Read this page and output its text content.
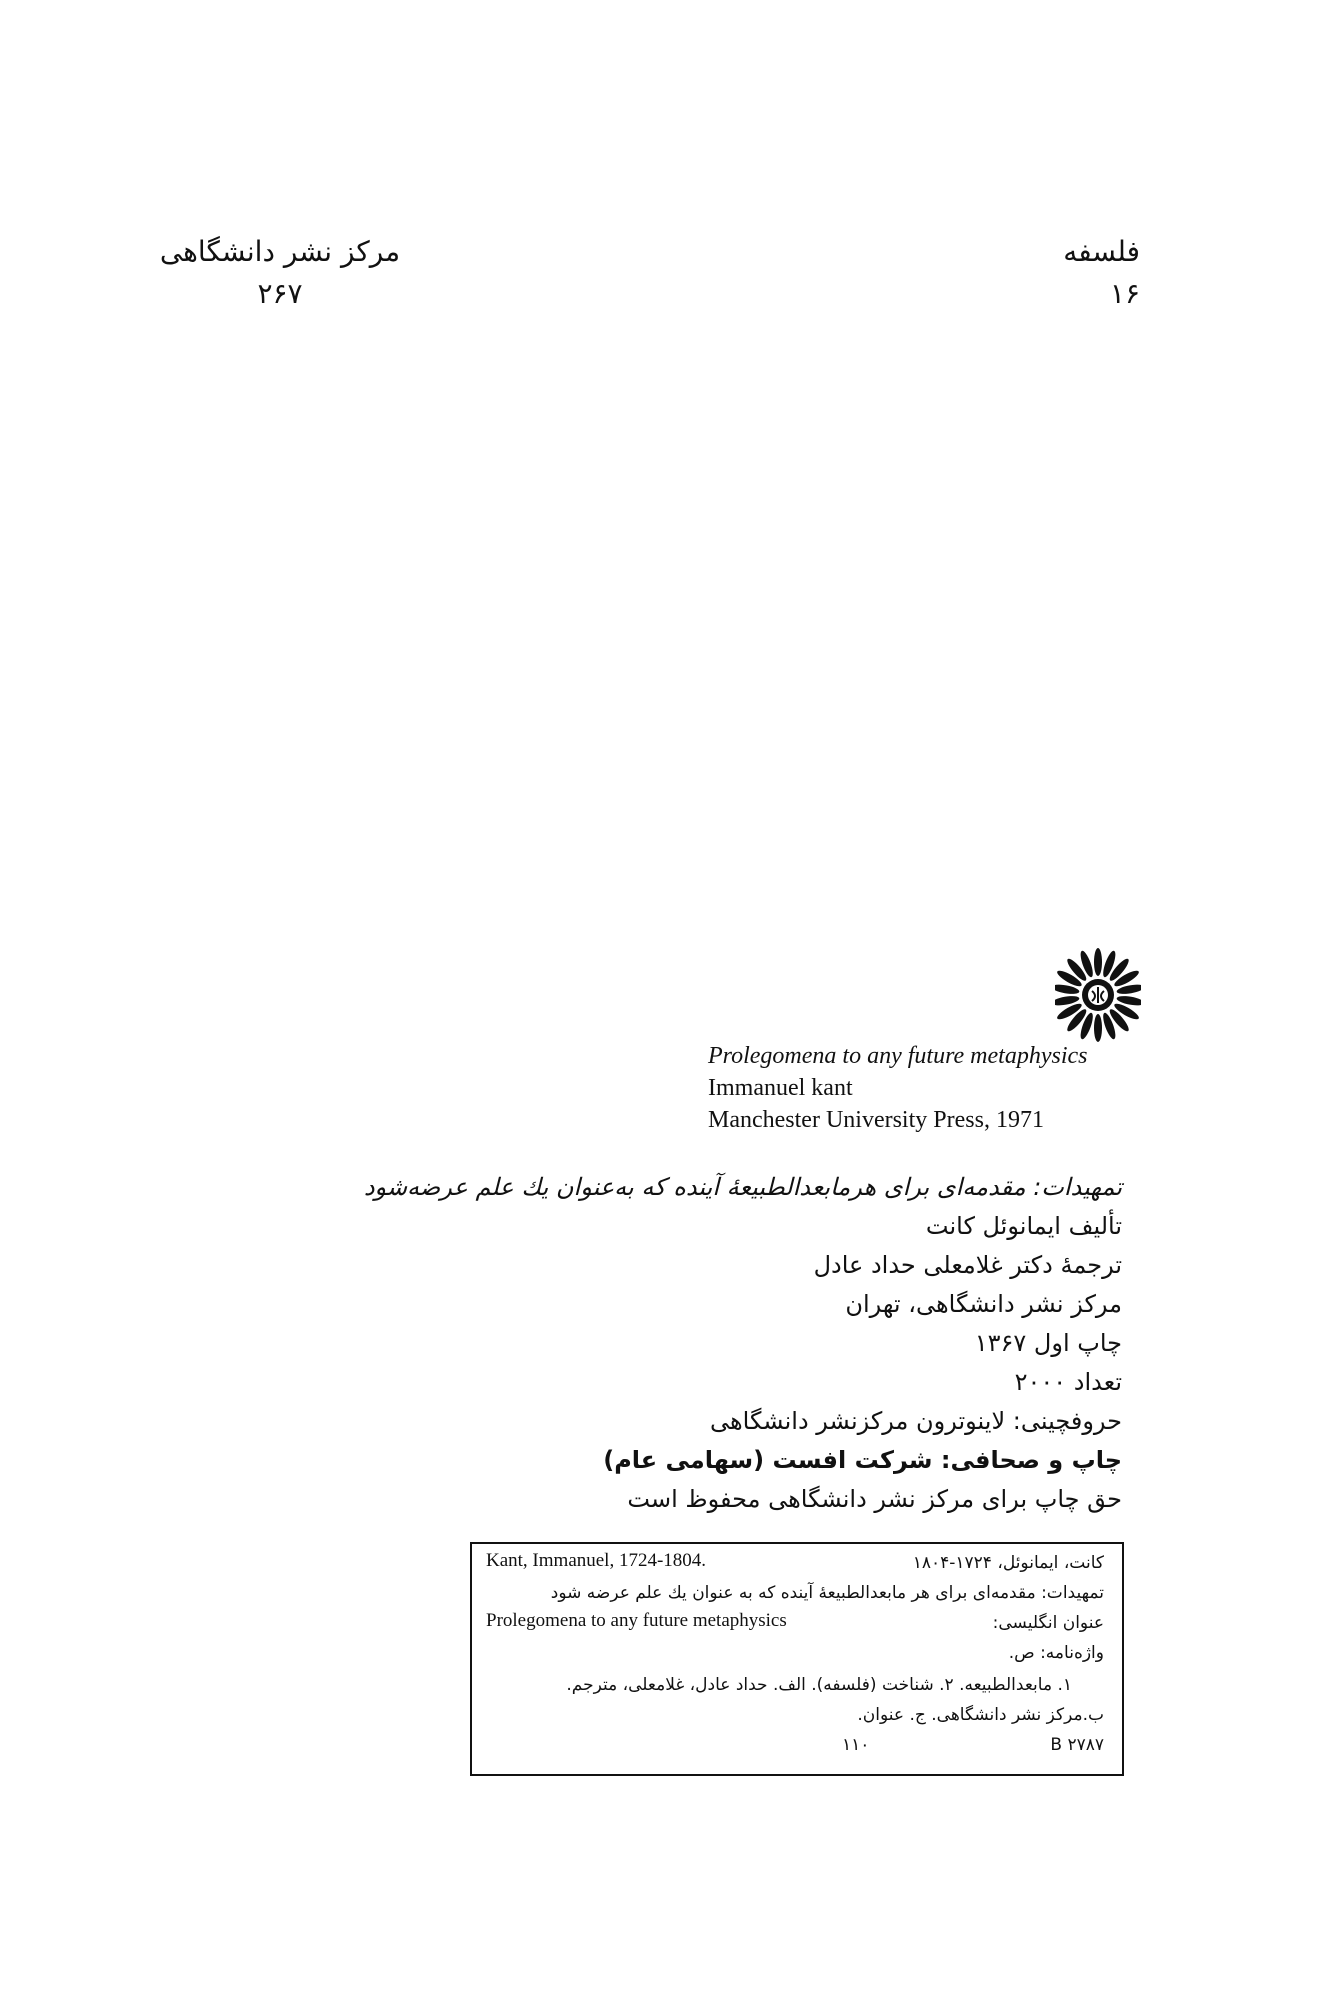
مرکز نشر دانشگاهی
۲۶۷
فلسفه
۱۶
Prolegomena to any future metaphysics
Immanuel kant
Manchester University Press, 1971
تمهیدات: مقدمه‌ای برای هرمابعدالطبیعهٔ آینده که به‌عنوان یك علم عرضه‌شود
تألیف ایمانوئل کانت
ترجمهٔ دکتر غلامعلی حداد عادل
مرکز نشر دانشگاهی، تهران
چاپ اول ۱۳۶۷
تعداد ۲۰۰۰
حروفچینی: لاینوترون مرکزنشر دانشگاهی
چاپ و صحافی: شرکت افست (سهامی عام)
حق چاپ برای مرکز نشر دانشگاهی محفوظ است
Kant, Immanuel, 1724-1804.	کانت، ایمانوئل، ۱۷۲۴-۱۸۰۴
تمهیدات: مقدمه‌ای برای هر مابعدالطبیعهٔ آینده که به عنوان یك علم عرضه شود
Prolegomena to any future metaphysics	عنوان انگلیسی:
واژه‌نامه: ص.
۱. مابعدالطبیعه. ۲. شناخت (فلسفه). الف. حداد عادل، غلامعلی، مترجم.
ب.مرکز نشر دانشگاهی. ج. عنوان.
۱۱۰	B ۲۷۸۷
